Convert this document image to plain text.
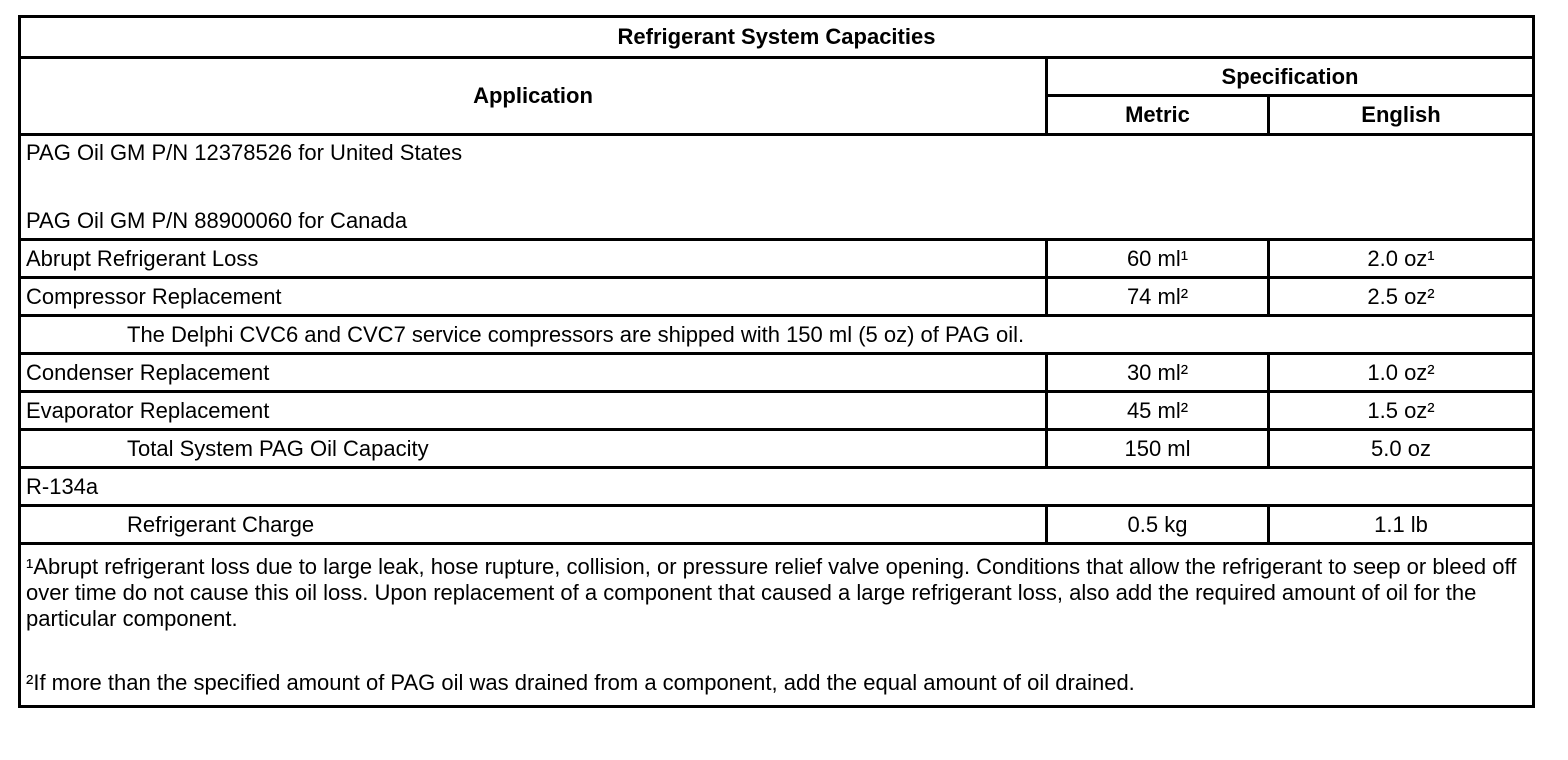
Refrigerant System Capacities		
Application	Specification	
	Metric	English

PAG Oil GM P/N 12378526 for United States
PAG Oil GM P/N 88900060 for Canada		

Abrupt Refrigerant Loss	60 ml¹	2.0 oz¹
Compressor Replacement	74 ml²	2.5 oz²
The Delphi CVC6 and CVC7 service compressors are shipped with 150 ml (5 oz) of PAG oil.		
Condenser Replacement	30 ml²	1.0 oz²
Evaporator Replacement	45 ml²	1.5 oz²
Total System PAG Oil Capacity	150 ml	5.0 oz
R-134a		
Refrigerant Charge	0.5 kg	1.1 lb

¹Abrupt refrigerant loss due to large leak, hose rupture, collision, or pressure relief valve opening. Conditions that allow the refrigerant to seep or bleed off over time do not cause this oil loss. Upon replacement of a component that caused a large refrigerant loss, also add the required amount of oil for the particular component.
²If more than the specified amount of PAG oil was drained from a component, add the equal amount of oil drained.		
